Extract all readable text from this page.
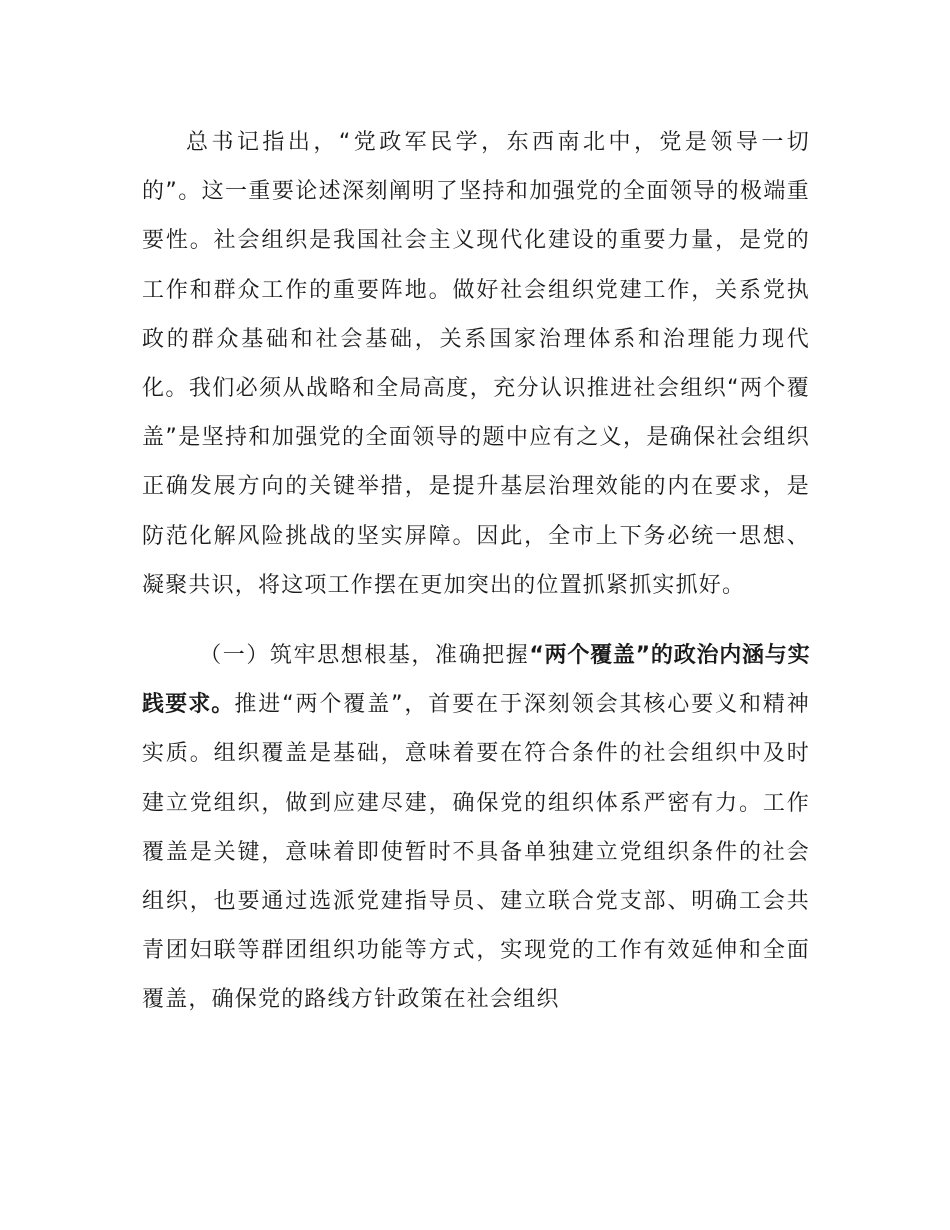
总书记指出，“党政军民学，东西南北中，党是领导一切的”。这一重要论述深刻阐明了坚持和加强党的全面领导的极端重要性。社会组织是我国社会主义现代化建设的重要力量，是党的工作和群众工作的重要阵地。做好社会组织党建工作，关系党执政的群众基础和社会基础，关系国家治理体系和治理能力现代化。我们必须从战略和全局高度，充分认识推进社会组织“两个覆盖”是坚持和加强党的全面领导的题中应有之义，是确保社会组织正确发展方向的关键举措，是提升基层治理效能的内在要求，是防范化解风险挑战的坚实屏障。因此，全市上下务必统一思想、凝聚共识，将这项工作摆在更加突出的位置抓紧抓实抓好。

（一）筑牢思想根基，准确把握“两个覆盖”的政治内涵与实践要求。推进“两个覆盖”，首要在于深刻领会其核心要义和精神实质。组织覆盖是基础，意味着要在符合条件的社会组织中及时建立党组织，做到应建尽建，确保党的组织体系严密有力。工作覆盖是关键，意味着即使暂时不具备单独建立党组织条件的社会组织，也要通过选派党建指导员、建立联合党支部、明确工会共青团妇联等群团组织功能等方式，实现党的工作有效延伸和全面覆盖，确保党的路线方针政策在社会组织
